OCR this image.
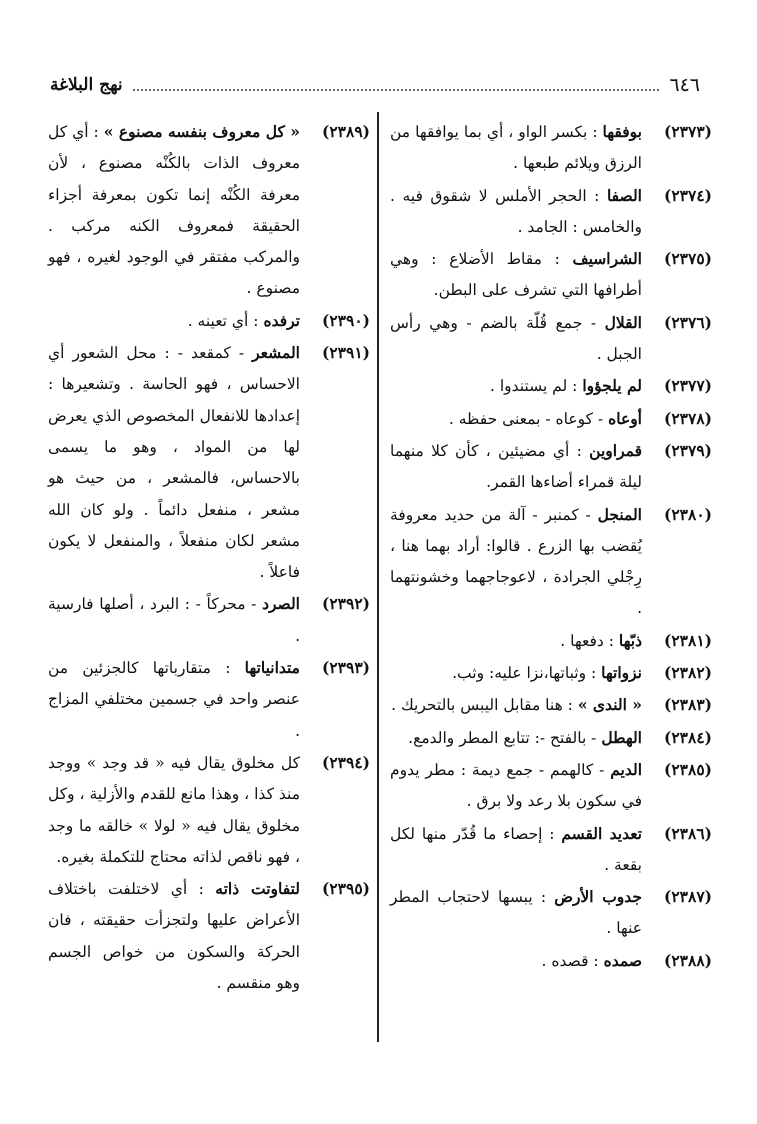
نهج البلاغة	٦٤٦
(٢٣٧٣)
بوفقها : بكسر الواو ، أي بما يوافقها من الرزق ويلائم طبعها .
(٢٣٧٤)
الصفا : الحجر الأملس لا شقوق فيه . والخامس : الجامد .
(٢٣٧٥)
الشراسيف : مقاط الأضلاع : وهي أطرافها التي تشرف على البطن.
(٢٣٧٦)
القلال - جمع قُلّة بالضم - وهي رأس الجبل .
(٢٣٧٧)
لم يلجؤوا : لم يستندوا .
(٢٣٧٨)
أوعاه - كوعاه - بمعنى حفظه .
(٢٣٧٩)
قمراوين : أي مضيئين ، كأن كلا منهما ليلة قمراء أضاءها القمر.
(٢٣٨٠)
المنجل - كمنبر - آلة من حديد معروفة يُقضب بها الزرع . قالوا: أراد بهما هنا ، رِجْلي الجرادة ، لاعوجاجهما وخشونتهما .
(٢٣٨١)
ذبّها : دفعها .
(٢٣٨٢)
نزواتها : وثباتها،نزا عليه: وثب.
(٢٣٨٣)
« الندى » : هنا مقابل اليبس بالتحريك .
(٢٣٨٤)
الهطل - بالفتح -: تتابع المطر والدمع.
(٢٣٨٥)
الديم - كالهمم - جمع ديمة : مطر يدوم في سكون بلا رعد ولا برق .
(٢٣٨٦)
تعديد القسم : إحصاء ما قُدّر منها لكل بقعة .
(٢٣٨٧)
جدوب الأرض : يبسها لاحتجاب المطر عنها .
(٢٣٨٨)
صمده : قصده .
(٢٣٨٩)
« كل معروف بنفسه مصنوع » : أي كل معروف الذات بالكُنْه مصنوع ، لأن معرفة الكُنْه إنما تكون بمعرفة أجزاء الحقيقة فمعروف الكنه مركب . والمركب مفتقر في الوجود لغيره ، فهو مصنوع .
(٢٣٩٠)
ترفده : أي تعينه .
(٢٣٩١)
المشعر - كمقعد - : محل الشعور أي الاحساس ، فهو الحاسة . وتشعيرها : إعدادها للانفعال المخصوص الذي يعرض لها من المواد ، وهو ما يسمى بالاحساس، فالمشعر ، من حيث هو مشعر ، منفعل دائماً . ولو كان الله مشعر لكان منفعلاً ، والمنفعل لا يكون فاعلاً .
(٢٣٩٢)
الصرد - محركاً - : البرد ، أصلها فارسية .
(٢٣٩٣)
متدانياتها : متقارباتها كالجزئين من عنصر واحد في جسمين مختلفي المزاج .
(٢٣٩٤)
كل مخلوق يقال فيه « قد وجد » ووجد منذ كذا ، وهذا مانع للقدم والأزلية ، وكل مخلوق يقال فيه « لولا » خالقه ما وجد ، فهو ناقص لذاته محتاج للتكملة بغيره.
(٢٣٩٥)
لتفاوتت ذاته : أي لاختلفت باختلاف الأعراض عليها ولتجزأت حقيقته ، فان الحركة والسكون من خواص الجسم وهو منقسم .
